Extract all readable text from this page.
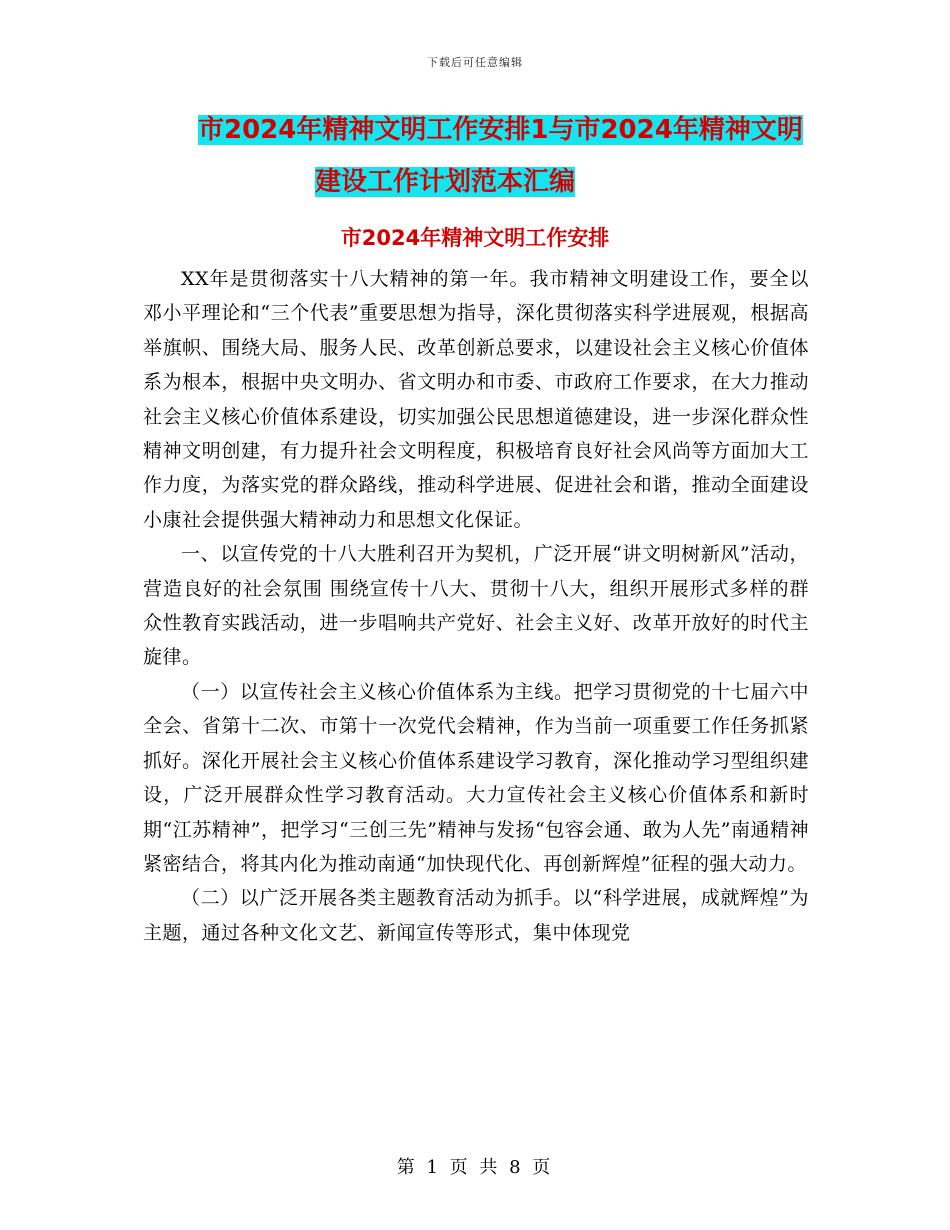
下载后可任意编辑
市2024年精神文明工作安排1与市2024年精神文明
建设工作计划范本汇编
市2024年精神文明工作安排

XX年是贯彻落实十八大精神的第一年。我市精神文明建设工作，要全以邓小平理论和“三个代表”重要思想为指导，深化贯彻落实科学进展观，根据高举旗帜、围绕大局、服务人民、改革创新总要求，以建设社会主义核心价值体系为根本，根据中央文明办、省文明办和市委、市政府工作要求，在大力推动社会主义核心价值体系建设，切实加强公民思想道德建设，进一步深化群众性精神文明创建，有力提升社会文明程度，积极培育良好社会风尚等方面加大工作力度，为落实党的群众路线，推动科学进展、促进社会和谐，推动全面建设小康社会提供强大精神动力和思想文化保证。

一、以宣传党的十八大胜利召开为契机，广泛开展“讲文明树新风”活动，营造良好的社会氛围 围绕宣传十八大、贯彻十八大，组织开展形式多样的群众性教育实践活动，进一步唱响共产党好、社会主义好、改革开放好的时代主旋律。

（一）以宣传社会主义核心价值体系为主线。把学习贯彻党的十七届六中全会、省第十二次、市第十一次党代会精神，作为当前一项重要工作任务抓紧抓好。深化开展社会主义核心价值体系建设学习教育，深化推动学习型组织建设，广泛开展群众性学习教育活动。大力宣传社会主义核心价值体系和新时期“江苏精神”，把学习“三创三先”精神与发扬“包容会通、敢为人先”南通精神紧密结合，将其内化为推动南通“加快现代化、再创新辉煌”征程的强大动力。

（二）以广泛开展各类主题教育活动为抓手。以“科学进展，成就辉煌”为主题，通过各种文化文艺、新闻宣传等形式，集中体现党

第 1 页 共 8 页
